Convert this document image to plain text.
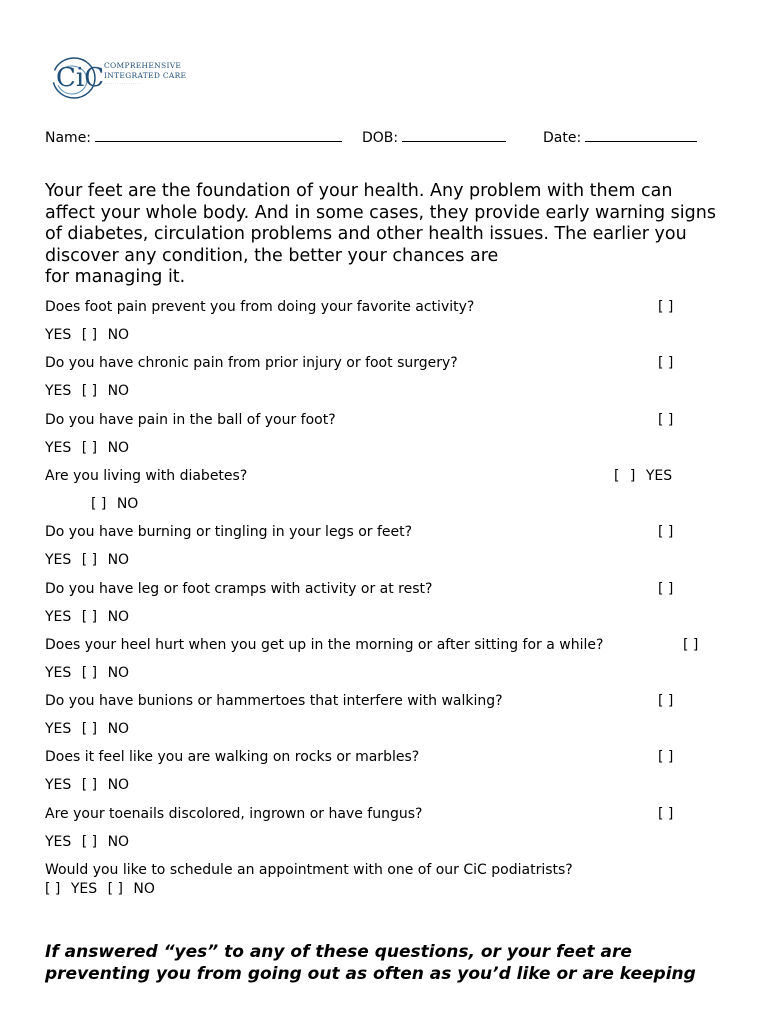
CiC COMPREHENSIVE
INTEGRATED CARE
· · · · · · · · · · · · · · · · ·
Name:	DOB:	Date:
Your feet are the foundation of your health. Any problem with them can
affect your whole body. And in some cases, they provide early warning signs
of diabetes, circulation problems and other health issues. The earlier you
discover any condition, the better your chances are
for managing it.
Does foot pain prevent you from doing your favorite activity?	[ ]
YES [ ] NO
Do you have chronic pain from prior injury or foot surgery?	[ ]
YES [ ] NO
Do you have pain in the ball of your foot?	[ ]
YES [ ] NO
Are you living with diabetes?	[ ] YES
[ ] NO
Do you have burning or tingling in your legs or feet?	[ ]
YES [ ] NO
Do you have leg or foot cramps with activity or at rest?	[ ]
YES [ ] NO
Does your heel hurt when you get up in the morning or after sitting for a while?	[ ]
YES [ ] NO
Do you have bunions or hammertoes that interfere with walking?	[ ]
YES [ ] NO
Does it feel like you are walking on rocks or marbles?	[ ]
YES [ ] NO
Are your toenails discolored, ingrown or have fungus?	[ ]
YES [ ] NO
Would you like to schedule an appointment with one of our CiC podiatrists?
[ ] YES [ ] NO
If answered “yes” to any of these questions, or your feet are
preventing you from going out as often as you’d like or are keeping
